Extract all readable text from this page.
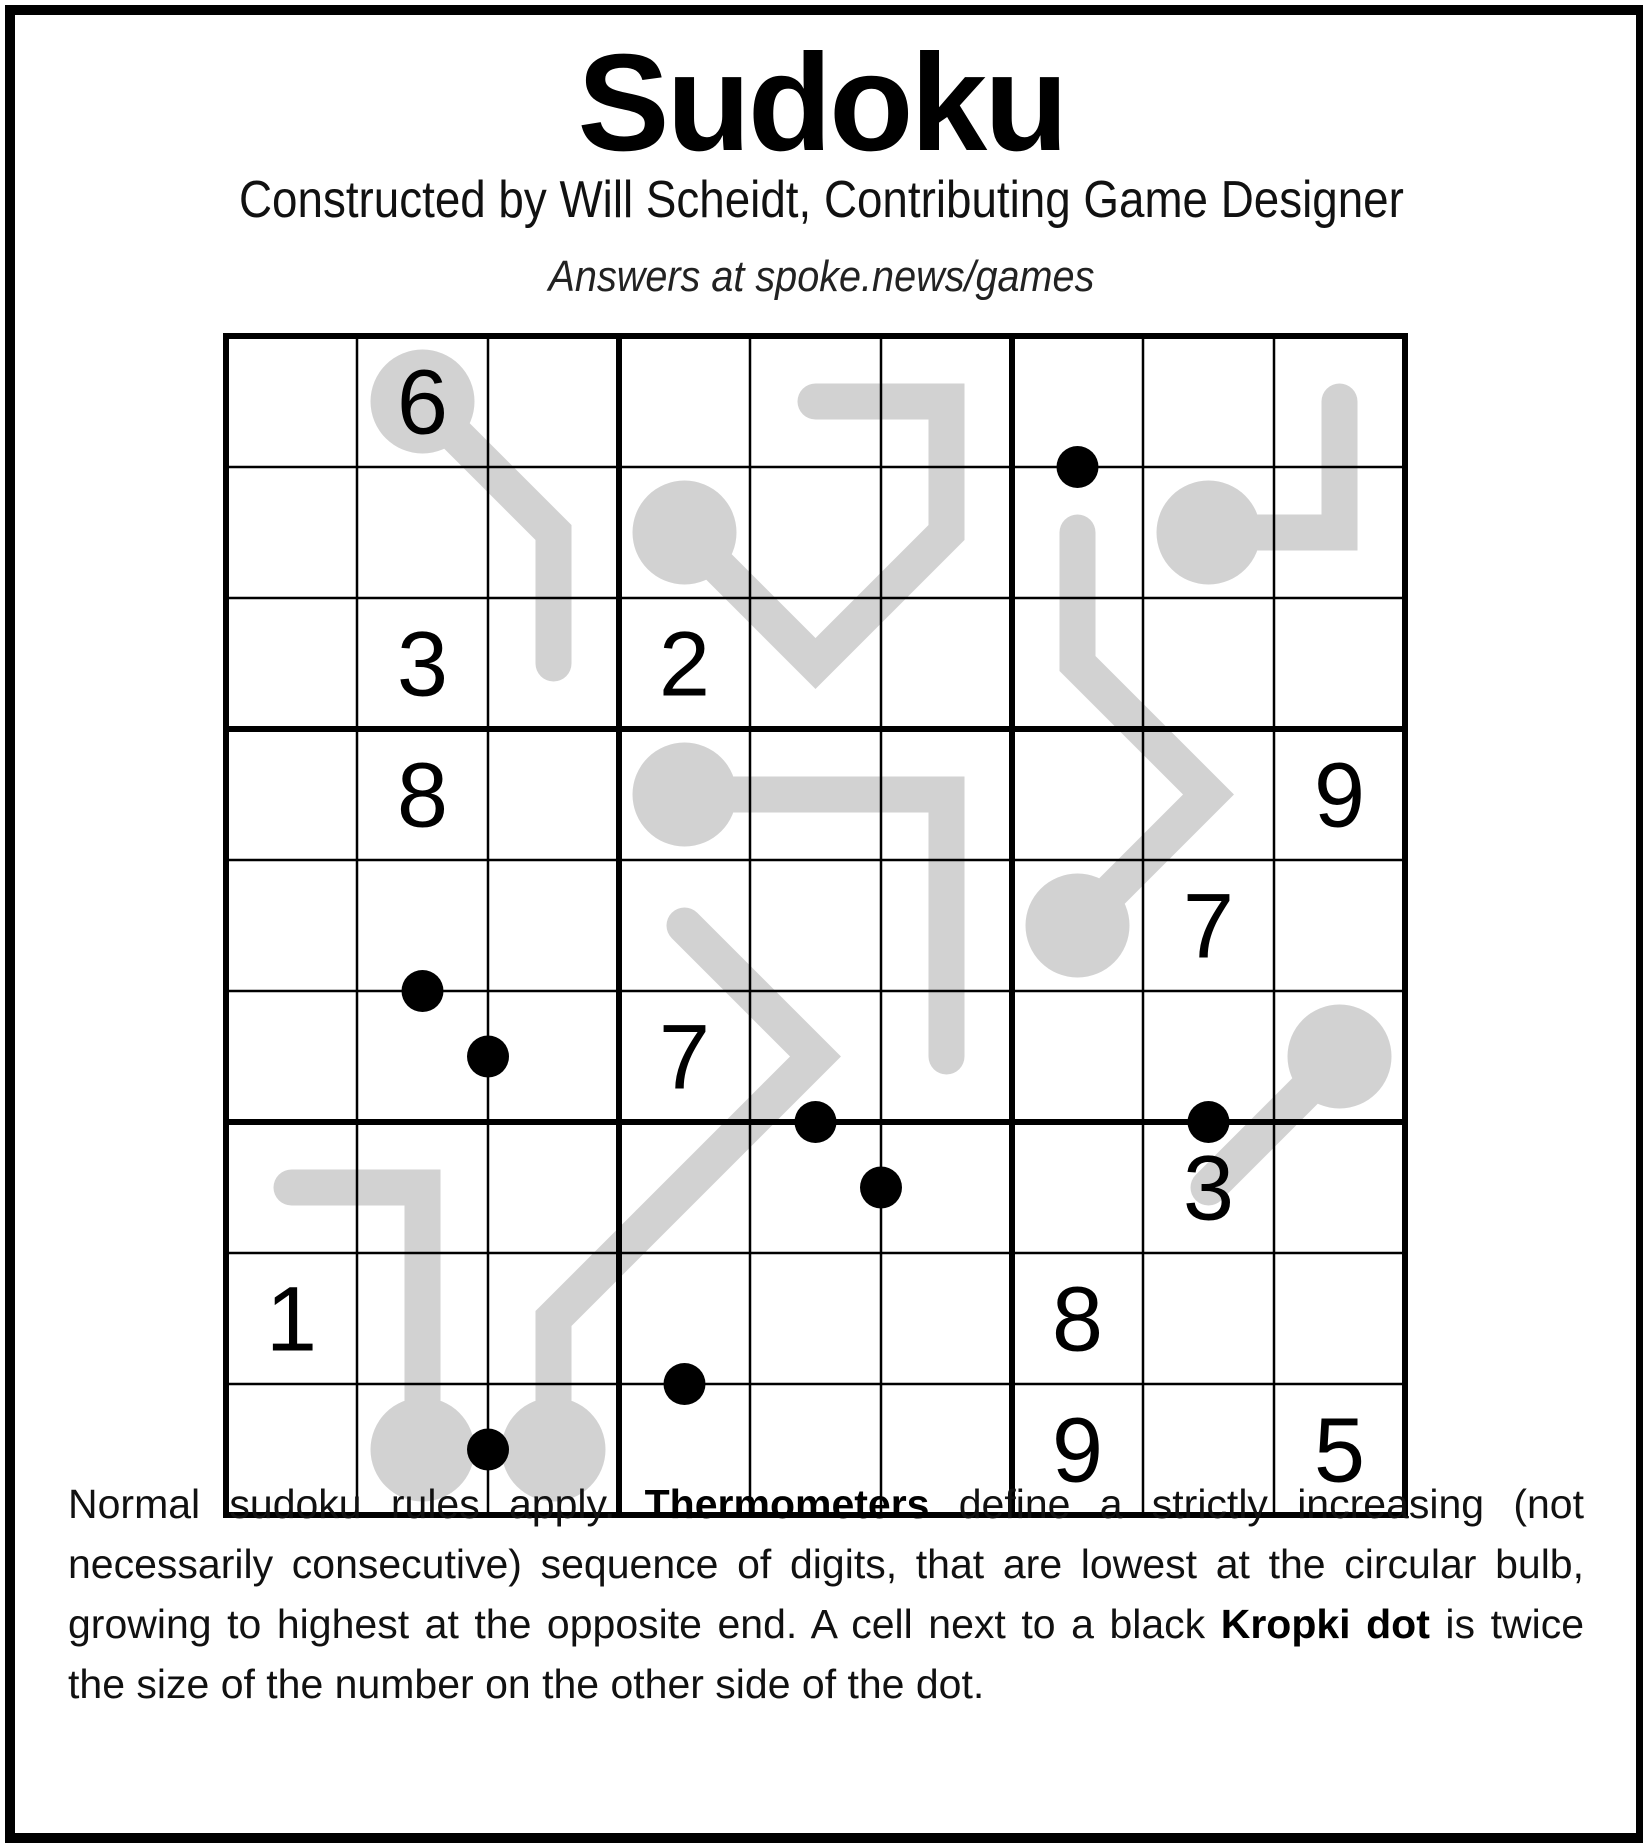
Sudoku
Constructed by Will Scheidt, Contributing Game Designer
Answers at spoke.news/games
6
3 2
8	9
7
7
3
1	8
9 5
Normal sudoku rules apply. Thermometers define a strictly increasing (not necessarily consecutive) sequence of digits, that are lowest at the circular bulb, growing to highest at the opposite end. A cell next to a black Kropki dot is twice the size of the number on the other side of the dot.
